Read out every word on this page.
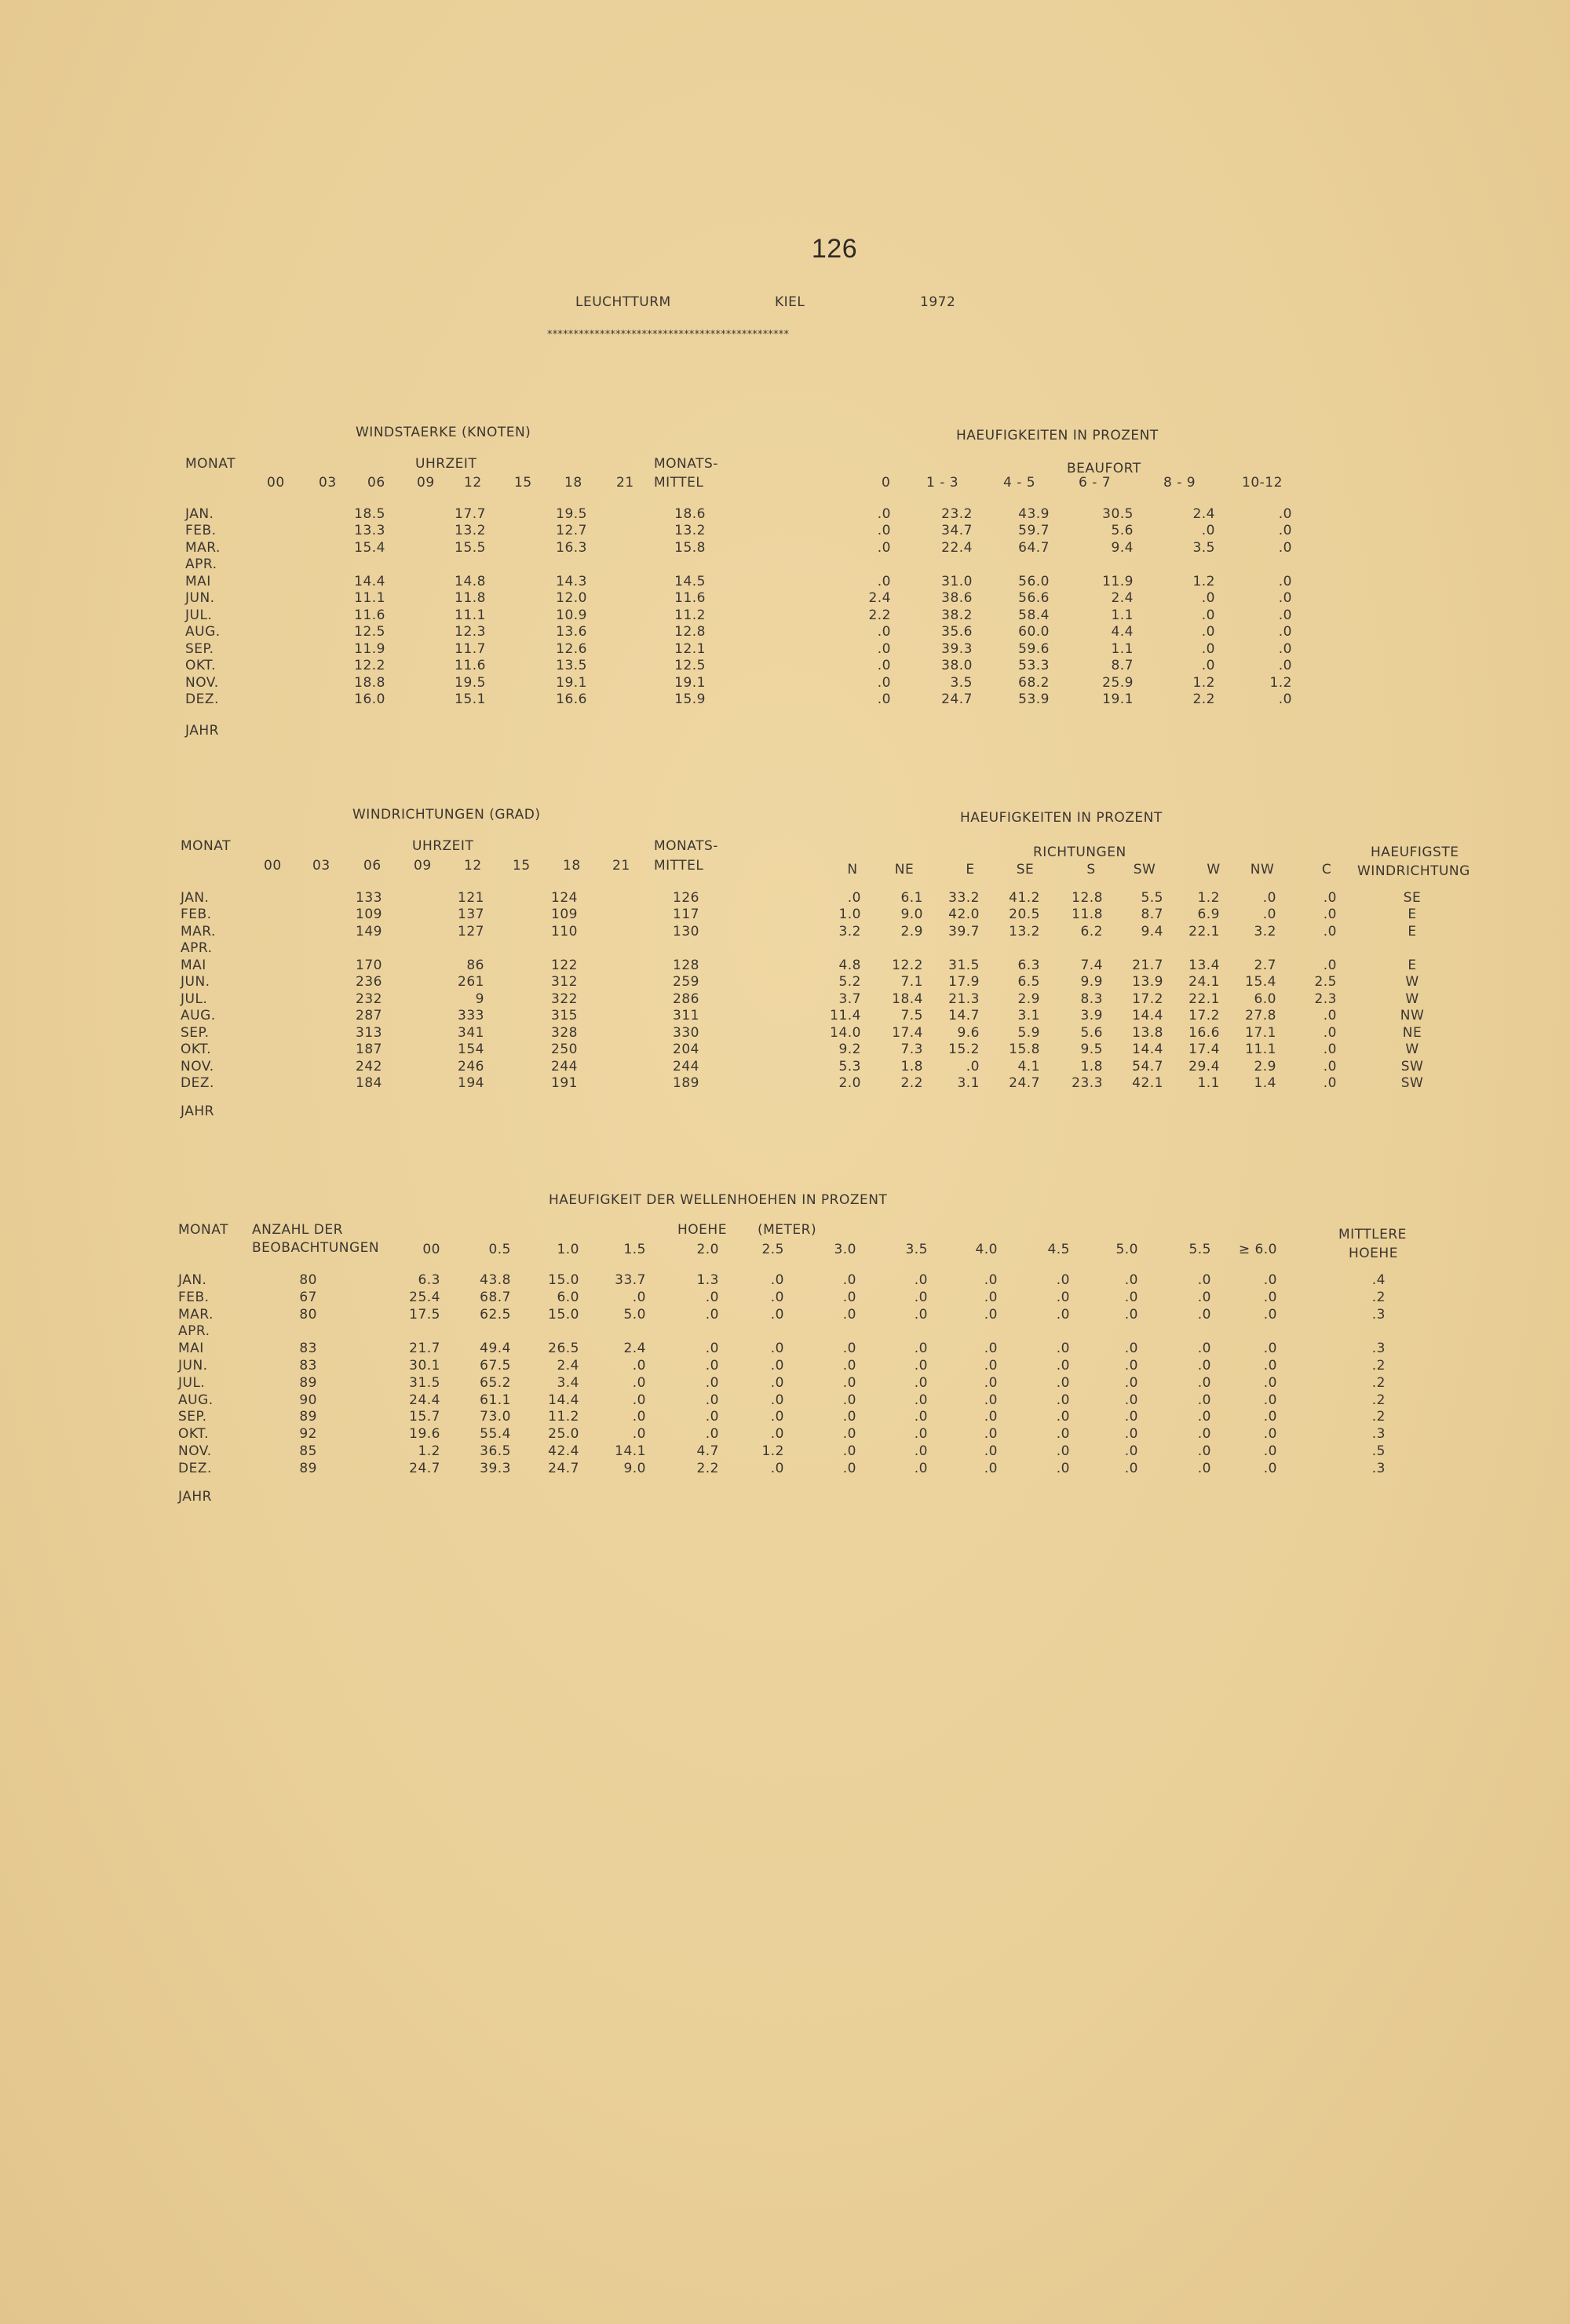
126
LEUCHTTURM	KIEL	1972
**********************************************
WINDSTAERKE (KNOTEN)
MONAT	UHRZEIT	MONATS-
MITTEL
00	03 06 09 12 15 18	21
HAEUFIGKEITEN IN PROZENT
BEAUFORT
0	1 - 3	4 - 5	6 - 7	8 - 9	10-12
JAN.	18.5	17.7	19.5	18.6	.0	23.2	43.9	30.5	2.4	.0
FEB.	13.3	13.2	12.7	13.2	.0	34.7	59.7	5.6	.0	.0
MAR.	15.4	15.5	16.3	15.8	.0	22.4	64.7	9.4	3.5	.0
APR.
MAI	14.4	14.8	14.3	14.5	.0	31.0	56.0	11.9	1.2	.0
JUN.	11.1	11.8	12.0	11.6	2.4	38.6	56.6	2.4	.0	.0
JUL.	11.6	11.1	10.9	11.2	2.2	38.2	58.4	1.1	.0	.0
AUG.	12.5	12.3	13.6	12.8	.0	35.6	60.0	4.4	.0	.0
SEP.	11.9	11.7	12.6	12.1	.0	39.3	59.6	1.1	.0	.0
OKT.	12.2	11.6	13.5	12.5	.0	38.0	53.3	8.7	.0	.0
NOV.	18.8	19.5	19.1	19.1	.0	3.5	68.2	25.9	1.2	1.2
DEZ.	16.0	15.1	16.6	15.9	.0	24.7	53.9	19.1	2.2	.0
JAHR
WINDRICHTUNGEN (GRAD)
MONAT	UHRZEIT	MONATS-
MITTEL
00 03 06 09 12 15 18 21
HAEUFIGKEITEN IN PROZENT
RICHTUNGEN	HAEUFIGSTE
WINDRICHTUNG
N	NE	E	SE	S	SW	W NW	C
JAN.	133	121	124	126	.0	6.1 33.2 41.2 12.8	5.5	1.2	.0	.0	SE
FEB.	109	137	109	117	1.0	9.0 42.0 20.5 11.8	8.7	6.9	.0	.0	E
MAR.	149	127	110	130	3.2	2.9 39.7 13.2	6.2	9.4 22.1	3.2	.0	E
APR.
MAI	170	86	122	128	4.8 12.2 31.5	6.3	7.4 21.7 13.4	2.7	.0	E
JUN.	236	261	312	259	5.2	7.1 17.9	6.5	9.9 13.9 24.1 15.4	2.5	W
JUL.	232	9	322	286	3.7 18.4 21.3	2.9	8.3 17.2 22.1	6.0	2.3	W
AUG.	287	333	315	311	11.4	7.5 14.7	3.1	3.9 14.4 17.2 27.8	.0	NW
SEP.	313	341	328	330	14.0 17.4	9.6	5.9	5.6 13.8 16.6 17.1	.0	NE
OKT.	187	154	250	204	9.2	7.3 15.2 15.8	9.5 14.4 17.4 11.1	.0	W
NOV.	242	246	244	244	5.3	1.8	.0	4.1	1.8 54.7 29.4	2.9	.0	SW
DEZ.	184	194	191	189	2.0	2.2	3.1 24.7 23.3 42.1	1.1	1.4	.0	SW
JAHR
HAEUFIGKEIT DER WELLENHOEHEN IN PROZENT
MONAT ANZAHL DER
BEOBACHTUNGEN
HOEHE (METER)	MITTLERE
HOEHE
00	0.5	1.0	1.5	2.0	2.5	3.0	3.5	4.0	4.5	5.0	5.5 ≥ 6.0
JAN.	80	6.3	43.8	15.0	33.7	1.3	.0	.0	.0	.0	.0	.0	.0	.0	.4
FEB.	67	25.4	68.7	6.0	.0	.0	.0	.0	.0	.0	.0	.0	.0	.0	.2
MAR.	80	17.5	62.5	15.0	5.0	.0	.0	.0	.0	.0	.0	.0	.0	.0	.3
APR.
MAI	83	21.7	49.4	26.5	2.4	.0	.0	.0	.0	.0	.0	.0	.0	.0	.3
JUN.	83	30.1	67.5	2.4	.0	.0	.0	.0	.0	.0	.0	.0	.0	.0	.2
JUL.	89	31.5	65.2	3.4	.0	.0	.0	.0	.0	.0	.0	.0	.0	.0	.2
AUG.	90	24.4	61.1	14.4	.0	.0	.0	.0	.0	.0	.0	.0	.0	.0	.2
SEP.	89	15.7	73.0	11.2	.0	.0	.0	.0	.0	.0	.0	.0	.0	.0	.2
OKT.	92	19.6	55.4	25.0	.0	.0	.0	.0	.0	.0	.0	.0	.0	.0	.3
NOV.	85	1.2	36.5	42.4	14.1	4.7	1.2	.0	.0	.0	.0	.0	.0	.0	.5
DEZ.	89	24.7	39.3	24.7	9.0	2.2	.0	.0	.0	.0	.0	.0	.0	.0	.3
JAHR
